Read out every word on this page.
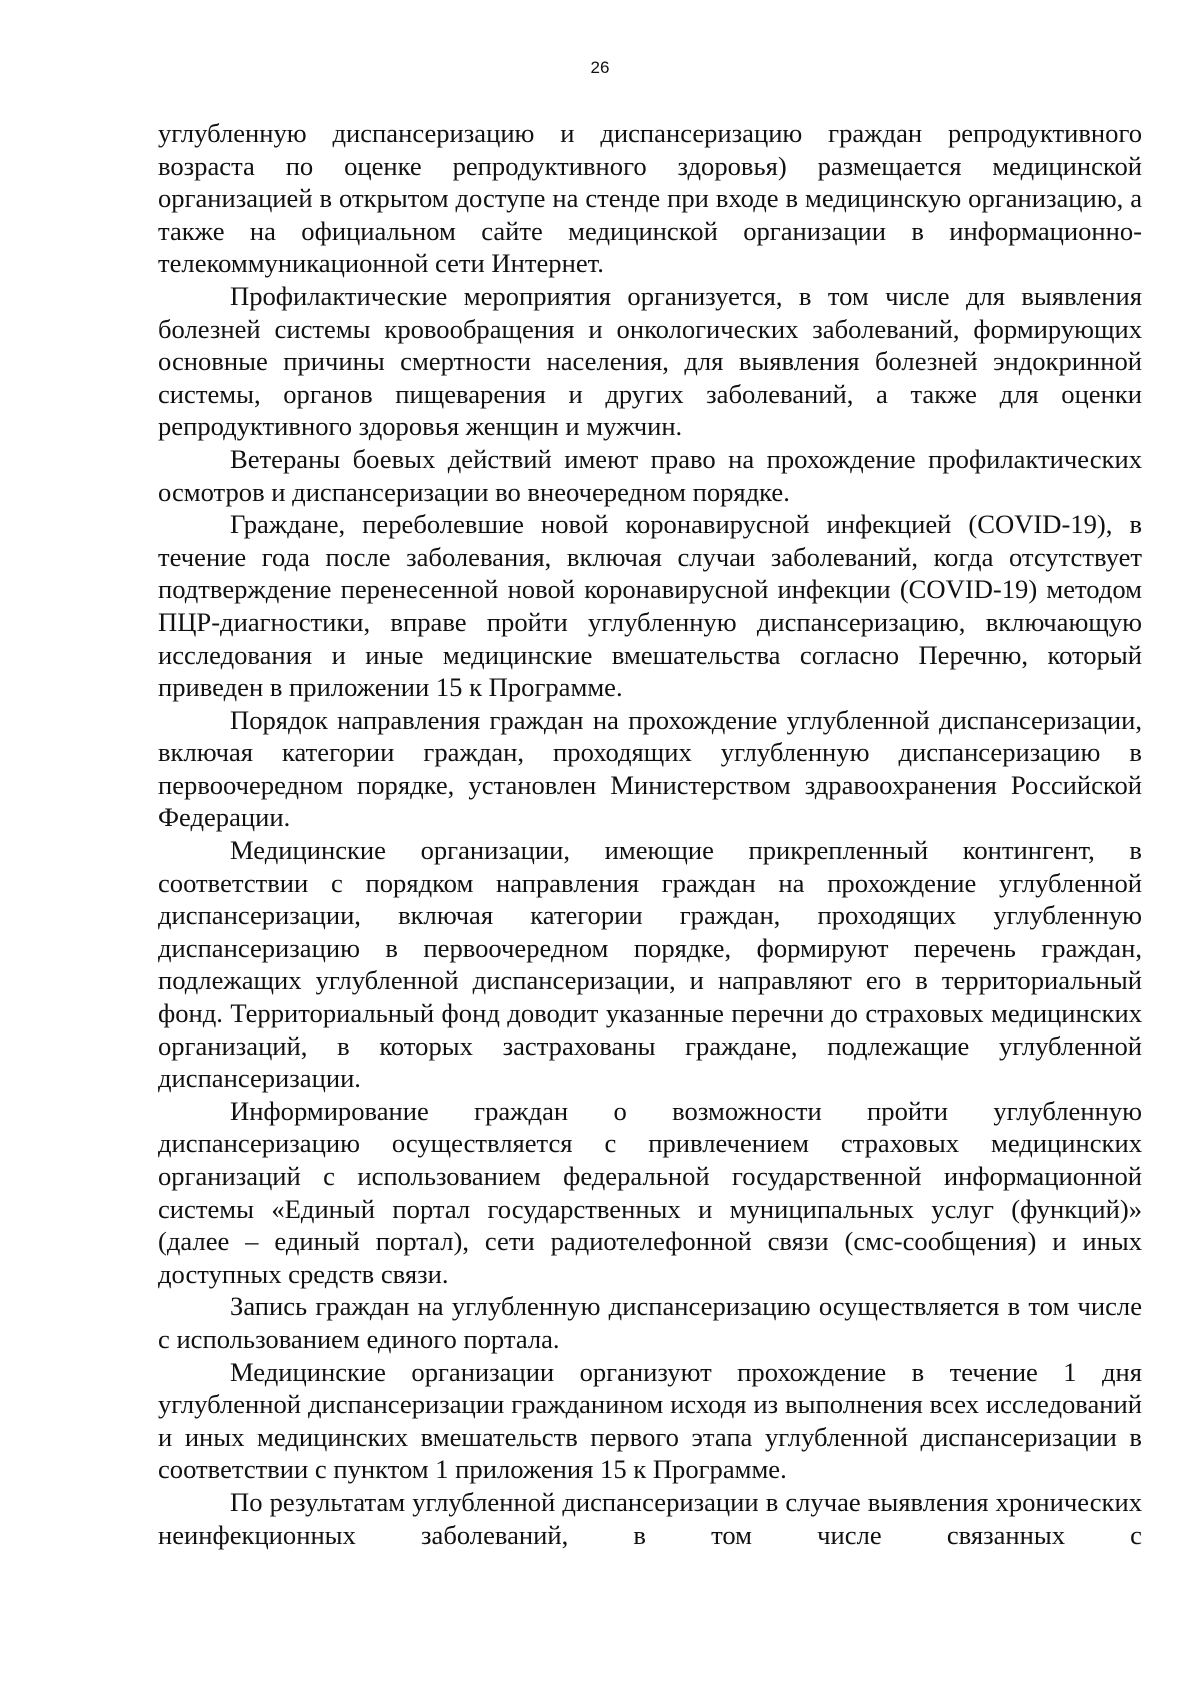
26

углубленную диспансеризацию и диспансеризацию граждан репродуктивного возраста по оценке репродуктивного здоровья) размещается медицинской организацией в открытом доступе на стенде при входе в медицинскую организацию, а также на официальном сайте медицинской организации в информационно-телекоммуникационной сети Интернет.

Профилактические мероприятия организуется, в том числе для выявления болезней системы кровообращения и онкологических заболеваний, формирующих основные причины смертности населения, для выявления болезней эндокринной системы, органов пищеварения и других заболеваний, а также для оценки репродуктивного здоровья женщин и мужчин.

Ветераны боевых действий имеют право на прохождение профилактических осмотров и диспансеризации во внеочередном порядке.

Граждане, переболевшие новой коронавирусной инфекцией (COVID-19), в течение года после заболевания, включая случаи заболеваний, когда отсутствует подтверждение перенесенной новой коронавирусной инфекции (COVID-19) методом ПЦР-диагностики, вправе пройти углубленную диспансеризацию, включающую исследования и иные медицинские вмешательства согласно Перечню, который приведен в приложении 15 к Программе.

Порядок направления граждан на прохождение углубленной диспансеризации, включая категории граждан, проходящих углубленную диспансеризацию в первоочередном порядке, установлен Министерством здравоохранения Российской Федерации.

Медицинские организации, имеющие прикрепленный контингент, в соответствии с порядком направления граждан на прохождение углубленной диспансеризации, включая категории граждан, проходящих углубленную диспансеризацию в первоочередном порядке, формируют перечень граждан, подлежащих углубленной диспансеризации, и направляют его в территориальный фонд. Территориальный фонд доводит указанные перечни до страховых медицинских организаций, в которых застрахованы граждане, подлежащие углубленной диспансеризации.

Информирование граждан о возможности пройти углубленную диспансеризацию осуществляется с привлечением страховых медицинских организаций с использованием федеральной государственной информационной системы «Единый портал государственных и муниципальных услуг (функций)» (далее – единый портал), сети радиотелефонной связи (смс-сообщения) и иных доступных средств связи.

Запись граждан на углубленную диспансеризацию осуществляется в том числе с использованием единого портала.

Медицинские организации организуют прохождение в течение 1 дня углубленной диспансеризации гражданином исходя из выполнения всех исследований и иных медицинских вмешательств первого этапа углубленной диспансеризации в соответствии с пунктом 1 приложения 15 к Программе.

По результатам углубленной диспансеризации в случае выявления хронических неинфекционных заболеваний, в том числе связанных с
